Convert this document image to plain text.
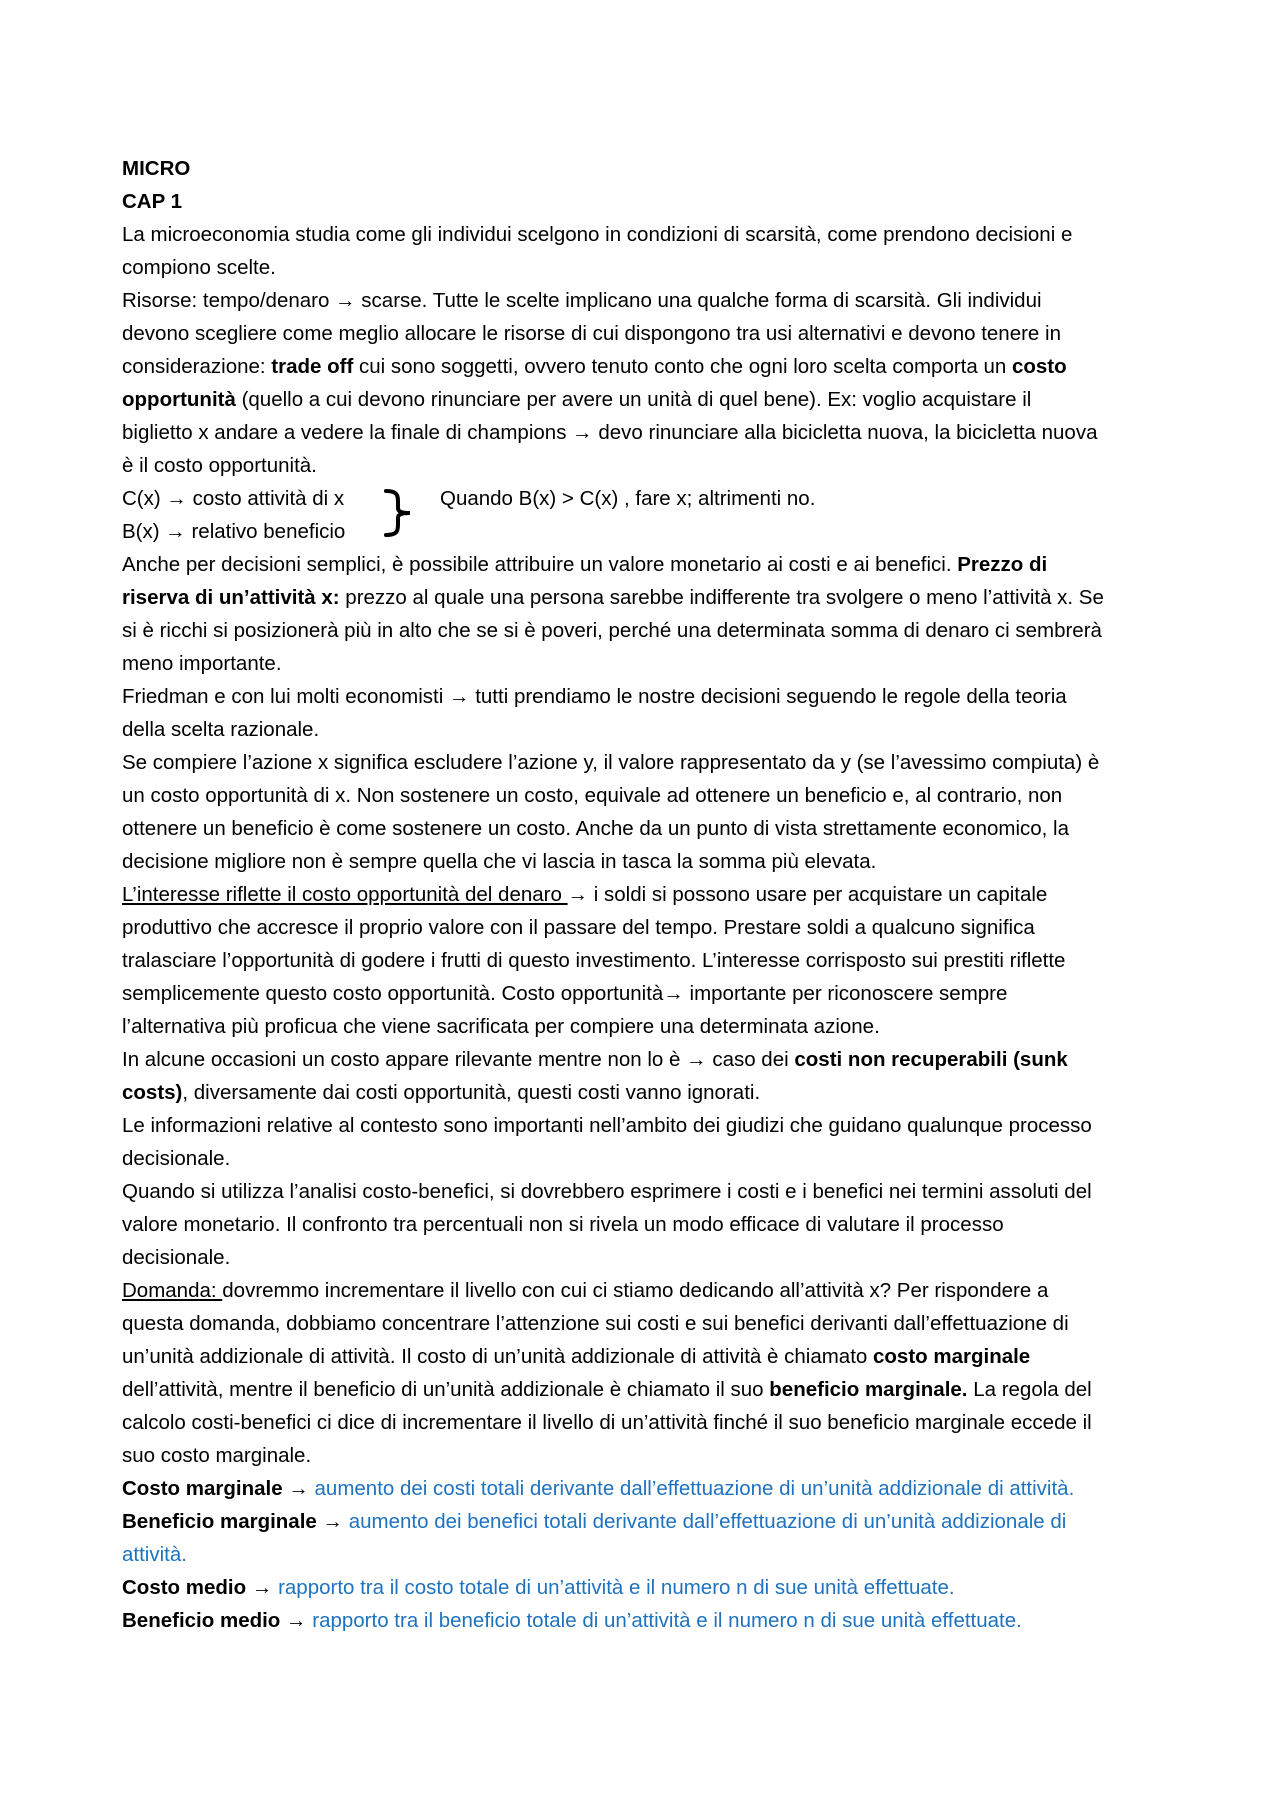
MICRO
CAP 1
La microeconomia studia come gli individui scelgono in condizioni di scarsità, come prendono decisioni e
compiono scelte.
Risorse: tempo/denaro → scarse. Tutte le scelte implicano una qualche forma di scarsità. Gli individui
devono scegliere come meglio allocare le risorse di cui dispongono tra usi alternativi e devono tenere in
considerazione: trade off cui sono soggetti, ovvero tenuto conto che ogni loro scelta comporta un costo
opportunità (quello a cui devono rinunciare per avere un unità di quel bene). Ex: voglio acquistare il
biglietto x andare a vedere la finale di champions → devo rinunciare alla bicicletta nuova, la bicicletta nuova
è il costo opportunità.
C(x) → costo attività di x	Quando B(x) > C(x) , fare x; altrimenti no.
B(x) → relativo beneficio
Anche per decisioni semplici, è possibile attribuire un valore monetario ai costi e ai benefici. Prezzo di
riserva di un’attività x: prezzo al quale una persona sarebbe indifferente tra svolgere o meno l’attività x. Se
si è ricchi si posizionerà più in alto che se si è poveri, perché una determinata somma di denaro ci sembrerà
meno importante.
Friedman e con lui molti economisti → tutti prendiamo le nostre decisioni seguendo le regole della teoria
della scelta razionale.
Se compiere l’azione x significa escludere l’azione y, il valore rappresentato da y (se l’avessimo compiuta) è
un costo opportunità di x. Non sostenere un costo, equivale ad ottenere un beneficio e, al contrario, non
ottenere un beneficio è come sostenere un costo. Anche da un punto di vista strettamente economico, la
decisione migliore non è sempre quella che vi lascia in tasca la somma più elevata.
L’interesse riflette il costo opportunità del denaro → i soldi si possono usare per acquistare un capitale
produttivo che accresce il proprio valore con il passare del tempo. Prestare soldi a qualcuno significa
tralasciare l’opportunità di godere i frutti di questo investimento. L’interesse corrisposto sui prestiti riflette
semplicemente questo costo opportunità. Costo opportunità→ importante per riconoscere sempre
l’alternativa più proficua che viene sacrificata per compiere una determinata azione.
In alcune occasioni un costo appare rilevante mentre non lo è → caso dei costi non recuperabili (sunk
costs), diversamente dai costi opportunità, questi costi vanno ignorati.
Le informazioni relative al contesto sono importanti nell’ambito dei giudizi che guidano qualunque processo
decisionale.
Quando si utilizza l’analisi costo-benefici, si dovrebbero esprimere i costi e i benefici nei termini assoluti del
valore monetario. Il confronto tra percentuali non si rivela un modo efficace di valutare il processo
decisionale.
Domanda: dovremmo incrementare il livello con cui ci stiamo dedicando all’attività x? Per rispondere a
questa domanda, dobbiamo concentrare l’attenzione sui costi e sui benefici derivanti dall’effettuazione di
un’unità addizionale di attività. Il costo di un’unità addizionale di attività è chiamato costo marginale
dell’attività, mentre il beneficio di un’unità addizionale è chiamato il suo beneficio marginale. La regola del
calcolo costi-benefici ci dice di incrementare il livello di un’attività finché il suo beneficio marginale eccede il
suo costo marginale.
Costo marginale → aumento dei costi totali derivante dall’effettuazione di un’unità addizionale di attività.
Beneficio marginale → aumento dei benefici totali derivante dall’effettuazione di un’unità addizionale di
attività.
Costo medio → rapporto tra il costo totale di un’attività e il numero n di sue unità effettuate.
Beneficio medio → rapporto tra il beneficio totale di un’attività e il numero n di sue unità effettuate.
